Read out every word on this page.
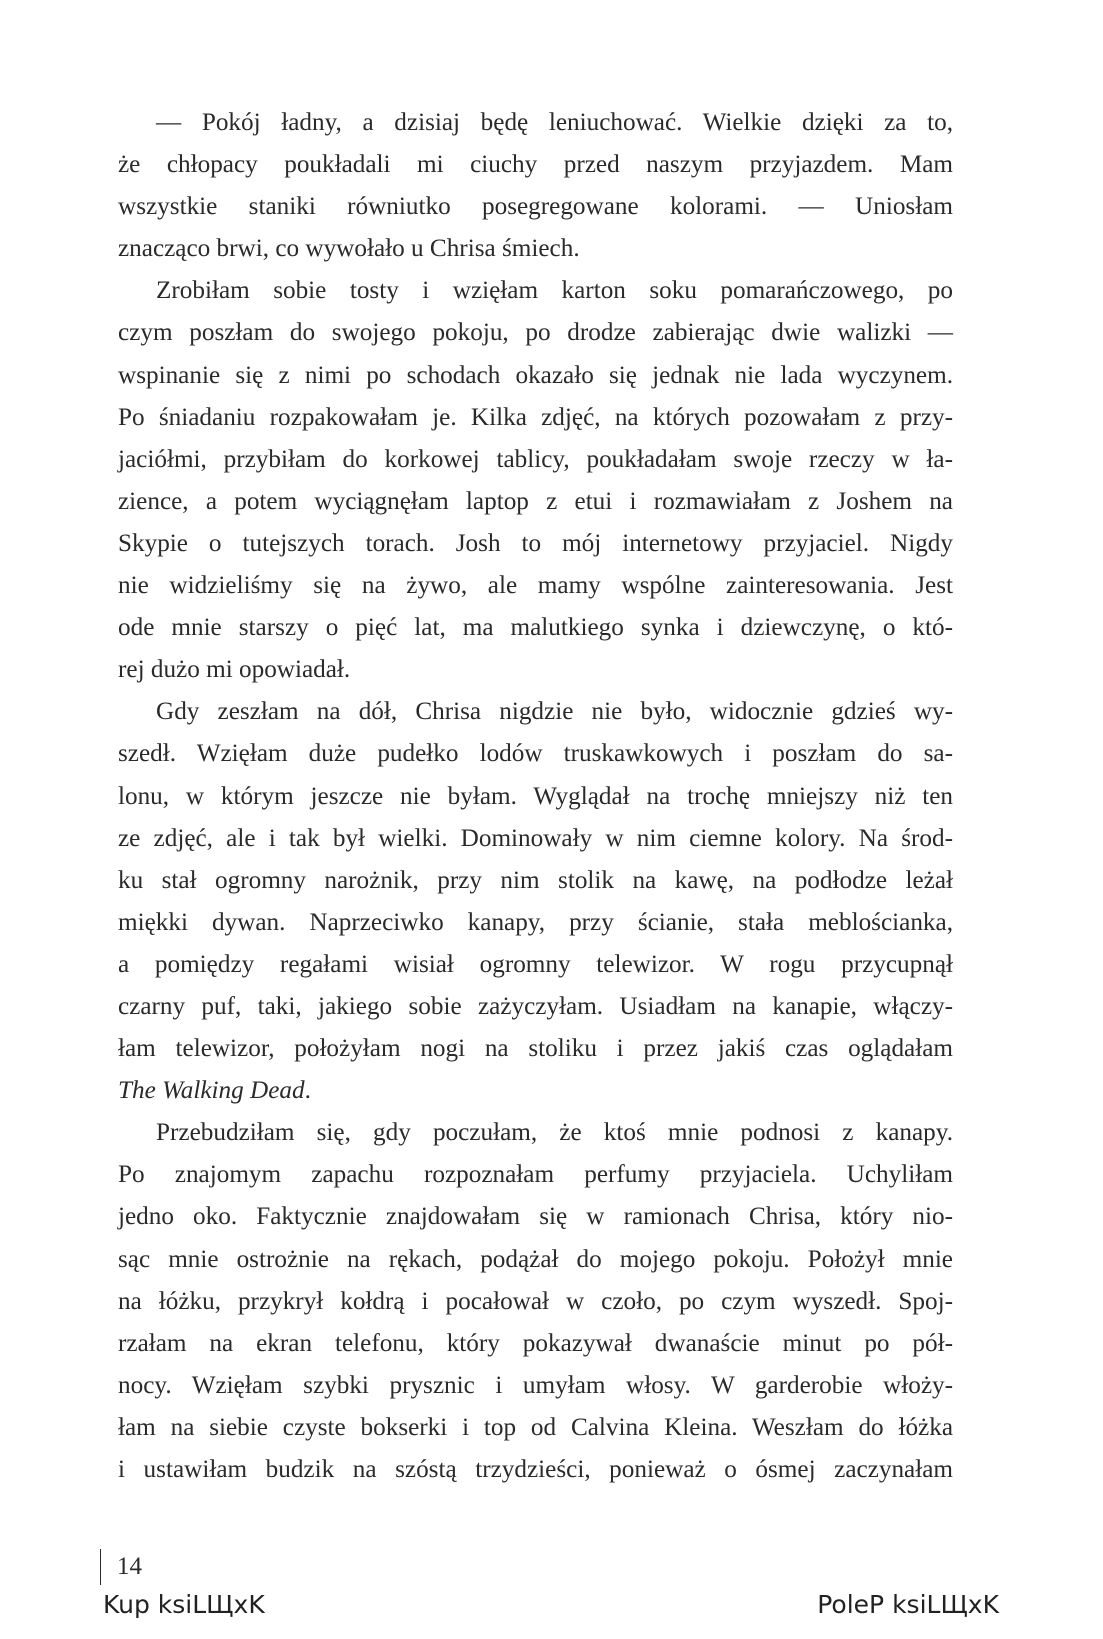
— Pokój ładny, a dzisiaj będę leniuchować. Wielkie dzięki za to,
że chłopacy poukładali mi ciuchy przed naszym przyjazdem. Mam
wszystkie staniki równiutko posegregowane kolorami. — Uniosłam
znacząco brwi, co wywołało u Chrisa śmiech.

Zrobiłam sobie tosty i wzięłam karton soku pomarańczowego, po
czym poszłam do swojego pokoju, po drodze zabierając dwie walizki —
wspinanie się z nimi po schodach okazało się jednak nie lada wyczynem.
Po śniadaniu rozpakowałam je. Kilka zdjęć, na których pozowałam z przy-
jaciółmi, przybiłam do korkowej tablicy, poukładałam swoje rzeczy w ła-
zience, a potem wyciągnęłam laptop z etui i rozmawiałam z Joshem na
Skypie o tutejszych torach. Josh to mój internetowy przyjaciel. Nigdy
nie widzieliśmy się na żywo, ale mamy wspólne zainteresowania. Jest
ode mnie starszy o pięć lat, ma malutkiego synka i dziewczynę, o któ-
rej dużo mi opowiadał.

Gdy zeszłam na dół, Chrisa nigdzie nie było, widocznie gdzieś wy-
szedł. Wzięłam duże pudełko lodów truskawkowych i poszłam do sa-
lonu, w którym jeszcze nie byłam. Wyglądał na trochę mniejszy niż ten
ze zdjęć, ale i tak był wielki. Dominowały w nim ciemne kolory. Na środ-
ku stał ogromny narożnik, przy nim stolik na kawę, na podłodze leżał
miękki dywan. Naprzeciwko kanapy, przy ścianie, stała meblościanka,
a pomiędzy regałami wisiał ogromny telewizor. W rogu przycupnął
czarny puf, taki, jakiego sobie zażyczyłam. Usiadłam na kanapie, włączy-
łam telewizor, położyłam nogi na stoliku i przez jakiś czas oglądałam
The Walking Dead.

Przebudziłam się, gdy poczułam, że ktoś mnie podnosi z kanapy.
Po znajomym zapachu rozpoznałam perfumy przyjaciela. Uchyliłam
jedno oko. Faktycznie znajdowałam się w ramionach Chrisa, który nio-
sąc mnie ostrożnie na rękach, podążał do mojego pokoju. Położył mnie
na łóżku, przykrył kołdrą i pocałował w czoło, po czym wyszedł. Spoj-
rzałam na ekran telefonu, który pokazywał dwanaście minut po pół-
nocy. Wzięłam szybki prysznic i umyłam włosy. W garderobie włoży-
łam na siebie czyste bokserki i top od Calvina Kleina. Weszłam do łóżka
i ustawiłam budzik na szóstą trzydzieści, ponieważ o ósmej zaczynałam

14
Kup ksiLЩxK	PoleP ksiLЩxK
